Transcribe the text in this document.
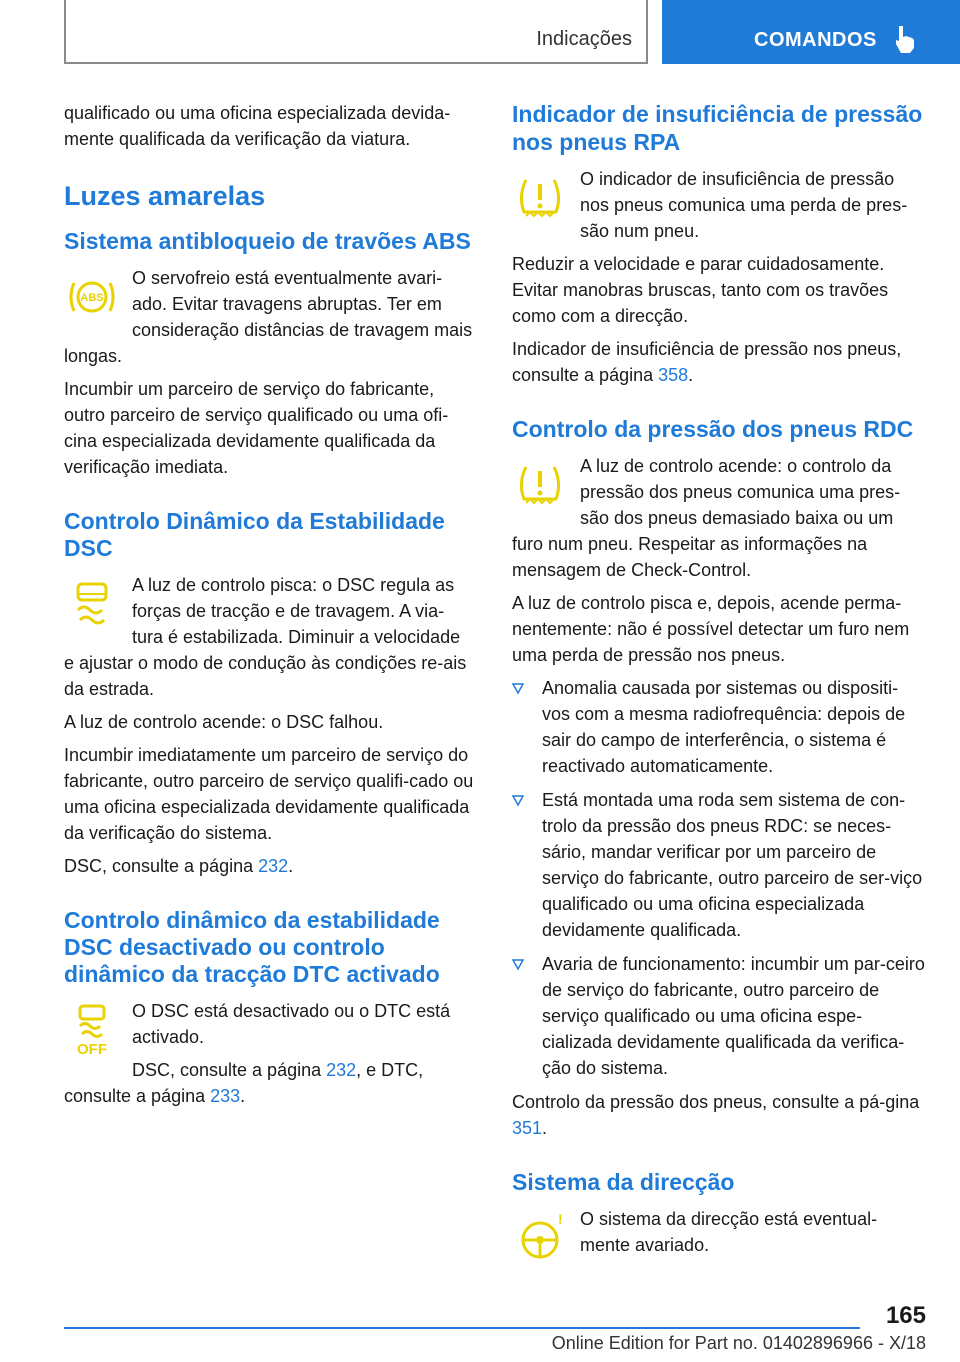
Indicações	COMANDOS

qualificado ou uma oficina especializada devida-mente qualificada da verificação da viatura.

Luzes amarelas
Sistema antibloqueio de travões ABS
ABS

O servofreio está eventualmente avari-ado. Evitar travagens abruptas. Ter em consideração distâncias de travagem mais longas.

Incumbir um parceiro de serviço do fabricante, outro parceiro de serviço qualificado ou uma ofi-cina especializada devidamente qualificada da verificação imediata.

Controlo Dinâmico da Estabilidade DSC

A luz de controlo pisca: o DSC regula as forças de tracção e de travagem. A via-tura é estabilizada. Diminuir a velocidade e ajustar o modo de condução às condições re-ais da estrada.

A luz de controlo acende: o DSC falhou.

Incumbir imediatamente um parceiro de serviço do fabricante, outro parceiro de serviço qualifi-cado ou uma oficina especializada devidamente qualificada da verificação do sistema.

DSC, consulte a página 232.

Controlo dinâmico da estabilidade DSC desactivado ou controlo dinâmico da tracção DTC activado
OFF

O DSC está desactivado ou o DTC está activado.

DSC, consulte a página 232, e DTC, consulte a página 233.

Indicador de insuficiência de pressão nos pneus RPA

O indicador de insuficiência de pressão nos pneus comunica uma perda de pres-são num pneu.

Reduzir a velocidade e parar cuidadosamente. Evitar manobras bruscas, tanto com os travões como com a direcção.

Indicador de insuficiência de pressão nos pneus, consulte a página 358.

Controlo da pressão dos pneus RDC

A luz de controlo acende: o controlo da pressão dos pneus comunica uma pres-são dos pneus demasiado baixa ou um furo num pneu. Respeitar as informações na mensagem de Check-Control.

A luz de controlo pisca e, depois, acende perma-nentemente: não é possível detectar um furo nem uma perda de pressão nos pneus.

Anomalia causada por sistemas ou dispositi-vos com a mesma radiofrequência: depois de sair do campo de interferência, o sistema é reactivado automaticamente.
Está montada uma roda sem sistema de con-trolo da pressão dos pneus RDC: se neces-sário, mandar verificar por um parceiro de serviço do fabricante, outro parceiro de ser-viço qualificado ou uma oficina especializada devidamente qualificada.
Avaria de funcionamento: incumbir um par-ceiro de serviço do fabricante, outro parceiro de serviço qualificado ou uma oficina espe-cializada devidamente qualificada da verifica-ção do sistema.

Controlo da pressão dos pneus, consulte a pá-gina 351.

Sistema da direcção
! O sistema da direcção está eventual-mente avariado.

165
Online Edition for Part no. 01402896966 - X/18
